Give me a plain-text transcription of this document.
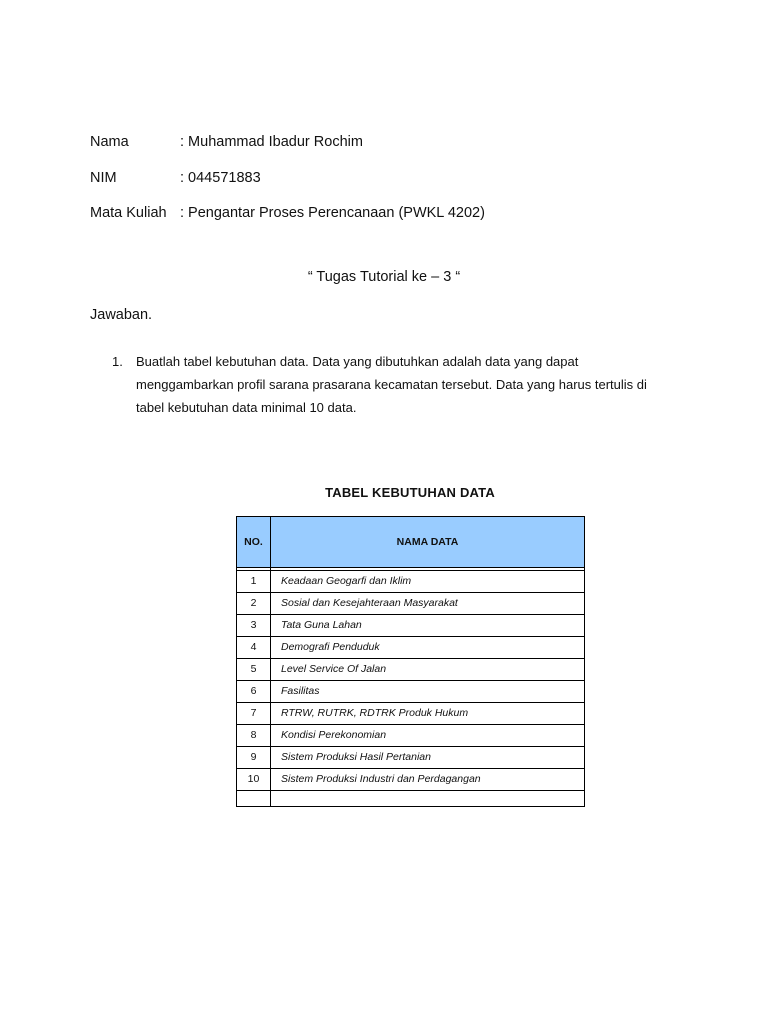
Nama	: Muhammad Ibadur Rochim
NIM	: 044571883
Mata Kuliah : Pengantar Proses Perencanaan (PWKL 4202)
“ Tugas Tutorial ke – 3 “
Jawaban.
1. Buatlah tabel kebutuhan data. Data yang dibutuhkan adalah data yang dapat menggambarkan profil sarana prasarana kecamatan tersebut. Data yang harus tertulis di tabel kebutuhan data minimal 10 data.
TABEL KEBUTUHAN DATA
NO.	NAMA DATA

1	Keadaan Geogarfi dan Iklim
2	Sosial dan Kesejahteraan Masyarakat
3	Tata Guna Lahan
4	Demografi Penduduk
5	Level Service Of Jalan
6	Fasilitas
7	RTRW, RUTRK, RDTRK Produk Hukum
8	Kondisi Perekonomian
9	Sistem Produksi Hasil Pertanian
10	Sistem Produksi Industri dan Perdagangan
